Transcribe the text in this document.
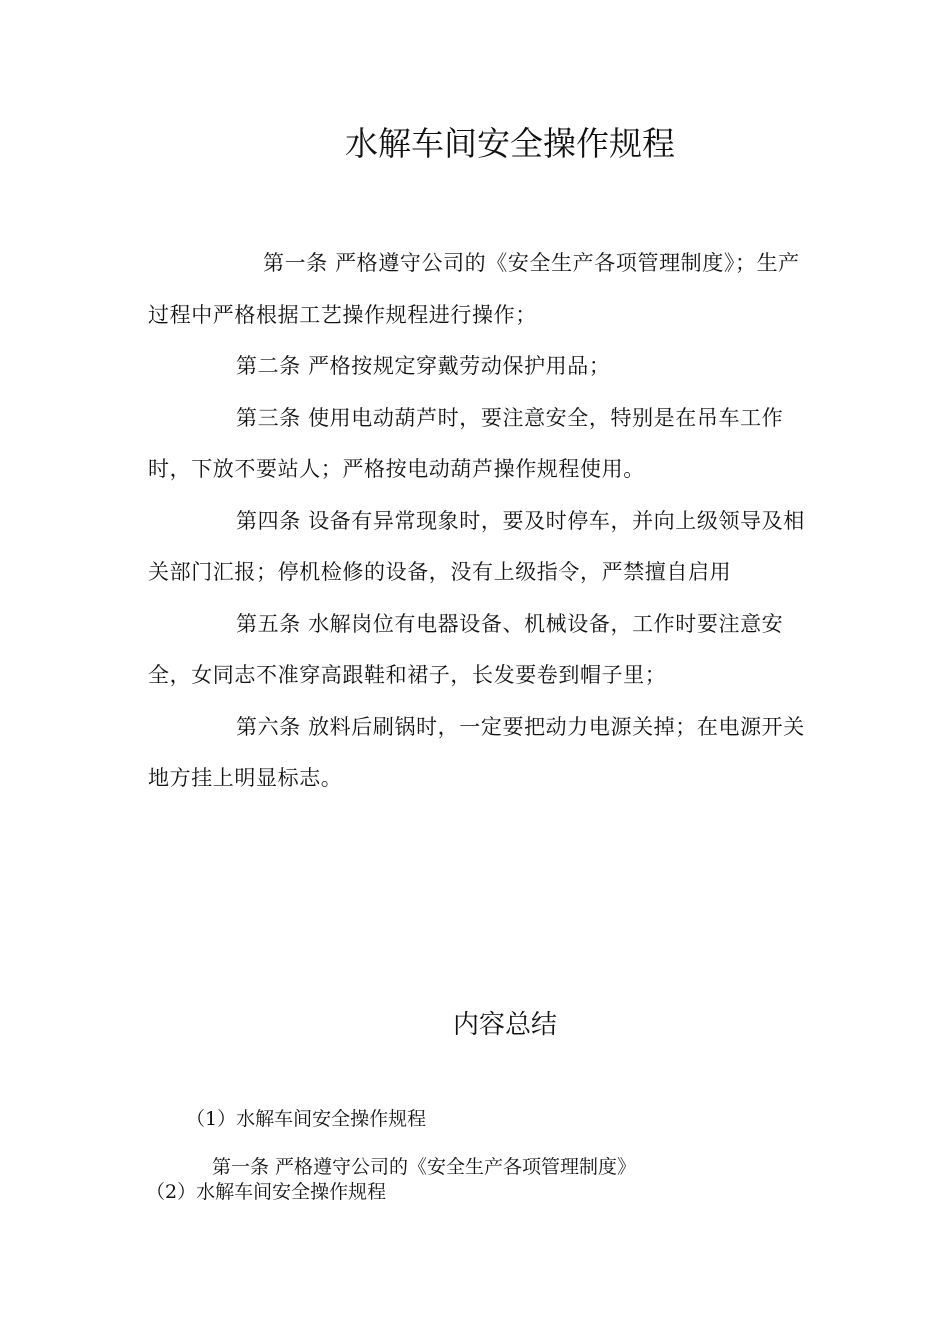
水解车间安全操作规程

第一条 严格遵守公司的《安全生产各项管理制度》；生产过程中严格根据工艺操作规程进行操作；

第二条 严格按规定穿戴劳动保护用品；

第三条 使用电动葫芦时，要注意安全，特别是在吊车工作时，下放不要站人；严格按电动葫芦操作规程使用。

第四条 设备有异常现象时，要及时停车，并向上级领导及相关部门汇报；停机检修的设备，没有上级指令，严禁擅自启用

第五条 水解岗位有电器设备、机械设备，工作时要注意安全，女同志不准穿高跟鞋和裙子，长发要卷到帽子里；

第六条 放料后刷锅时，一定要把动力电源关掉；在电源开关地方挂上明显标志。

内容总结

（1）水解车间安全操作规程

第一条 严格遵守公司的《安全生产各项管理制度》

（2）水解车间安全操作规程
